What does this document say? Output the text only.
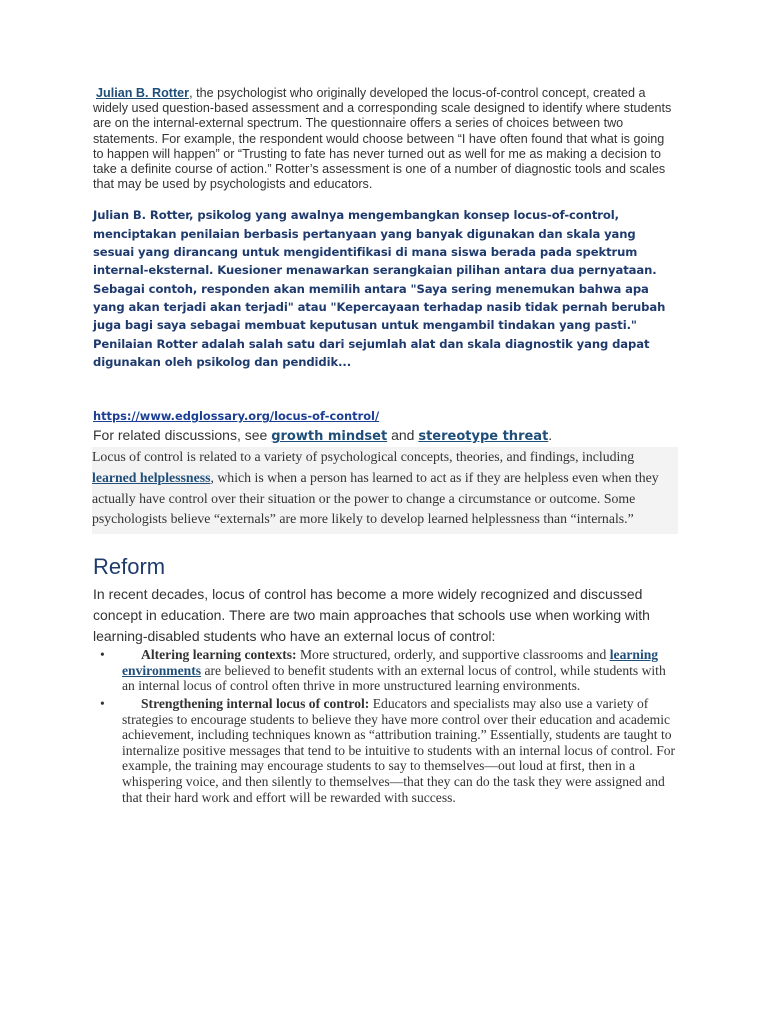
Julian B. Rotter, the psychologist who originally developed the locus-of-control concept, created a widely used question-based assessment and a corresponding scale designed to identify where students are on the internal-external spectrum. The questionnaire offers a series of choices between two statements. For example, the respondent would choose between “I have often found that what is going to happen will happen” or “Trusting to fate has never turned out as well for me as making a decision to take a definite course of action.” Rotter’s assessment is one of a number of diagnostic tools and scales that may be used by psychologists and educators.

Julian B. Rotter, psikolog yang awalnya mengembangkan konsep locus-of-control, menciptakan penilaian berbasis pertanyaan yang banyak digunakan dan skala yang sesuai yang dirancang untuk mengidentifikasi di mana siswa berada pada spektrum internal-eksternal. Kuesioner menawarkan serangkaian pilihan antara dua pernyataan. Sebagai contoh, responden akan memilih antara "Saya sering menemukan bahwa apa yang akan terjadi akan terjadi" atau "Kepercayaan terhadap nasib tidak pernah berubah juga bagi saya sebagai membuat keputusan untuk mengambil tindakan yang pasti." Penilaian Rotter adalah salah satu dari sejumlah alat dan skala diagnostik yang dapat digunakan oleh psikolog dan pendidik...

https://www.edglossary.org/locus-of-control/

For related discussions, see growth mindset and stereotype threat.

Locus of control is related to a variety of psychological concepts, theories, and findings, including learned helplessness, which is when a person has learned to act as if they are helpless even when they actually have control over their situation or the power to change a circumstance or outcome. Some psychologists believe “externals” are more likely to develop learned helplessness than “internals.”
Reform

In recent decades, locus of control has become a more widely recognized and discussed concept in education. There are two main approaches that schools use when working with learning-disabled students who have an external locus of control:

•	Altering learning contexts: More structured, orderly, and supportive classrooms and learning environments are believed to benefit students with an external locus of control, while students with an internal locus of control often thrive in more unstructured learning environments.
•	Strengthening internal locus of control: Educators and specialists may also use a variety of strategies to encourage students to believe they have more control over their education and academic achievement, including techniques known as “attribution training.” Essentially, students are taught to internalize positive messages that tend to be intuitive to students with an internal locus of control. For example, the training may encourage students to say to themselves—out loud at first, then in a whispering voice, and then silently to themselves—that they can do the task they were assigned and that their hard work and effort will be rewarded with success.
